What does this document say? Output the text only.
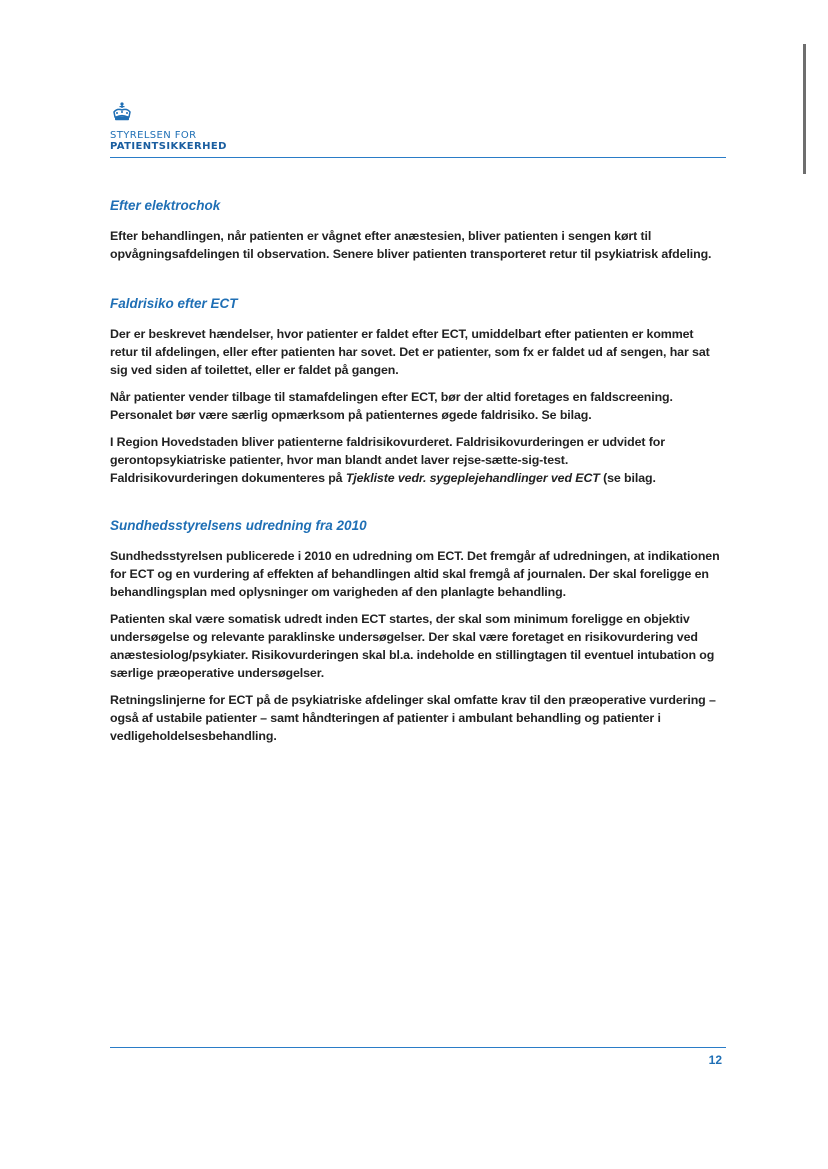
STYRELSEN FOR
PATIENTSIKKERHED
Efter elektrochok

Efter behandlingen, når patienten er vågnet efter anæstesien, bliver patienten i sengen kørt til opvågningsafdelingen til observation. Senere bliver patienten transporteret retur til psykiatrisk afdeling.

Faldrisiko efter ECT

Der er beskrevet hændelser, hvor patienter er faldet efter ECT, umiddelbart efter patienten er kommet retur til afdelingen, eller efter patienten har sovet. Det er patienter, som fx er faldet ud af sengen, har sat sig ved siden af toilettet, eller er faldet på gangen.

Når patienter vender tilbage til stamafdelingen efter ECT, bør der altid foretages en faldscreening. Personalet bør være særlig opmærksom på patienternes øgede faldrisiko. Se bilag.

I Region Hovedstaden bliver patienterne faldrisikovurderet. Faldrisikovurderingen er udvidet for gerontopsykiatriske patienter, hvor man blandt andet laver rejse-sætte-sig-test.

Faldrisikovurderingen dokumenteres på Tjekliste vedr. sygeplejehandlinger ved ECT (se bilag.

Sundhedsstyrelsens udredning fra 2010

Sundhedsstyrelsen publicerede i 2010 en udredning om ECT. Det fremgår af udredningen, at indikationen for ECT og en vurdering af effekten af behandlingen altid skal fremgå af journalen. Der skal foreligge en behandlingsplan med oplysninger om varigheden af den planlagte behandling.

Patienten skal være somatisk udredt inden ECT startes, der skal som minimum foreligge en objektiv undersøgelse og relevante paraklinske undersøgelser. Der skal være foretaget en risikovurdering ved anæstesiolog/psykiater. Risikovurderingen skal bl.a. indeholde en stillingtagen til eventuel intubation og særlige præoperative undersøgelser.

Retningslinjerne for ECT på de psykiatriske afdelinger skal omfatte krav til den præoperative vurdering – også af ustabile patienter – samt håndteringen af patienter i ambulant behandling og patienter i vedligeholdelsesbehandling.

12
